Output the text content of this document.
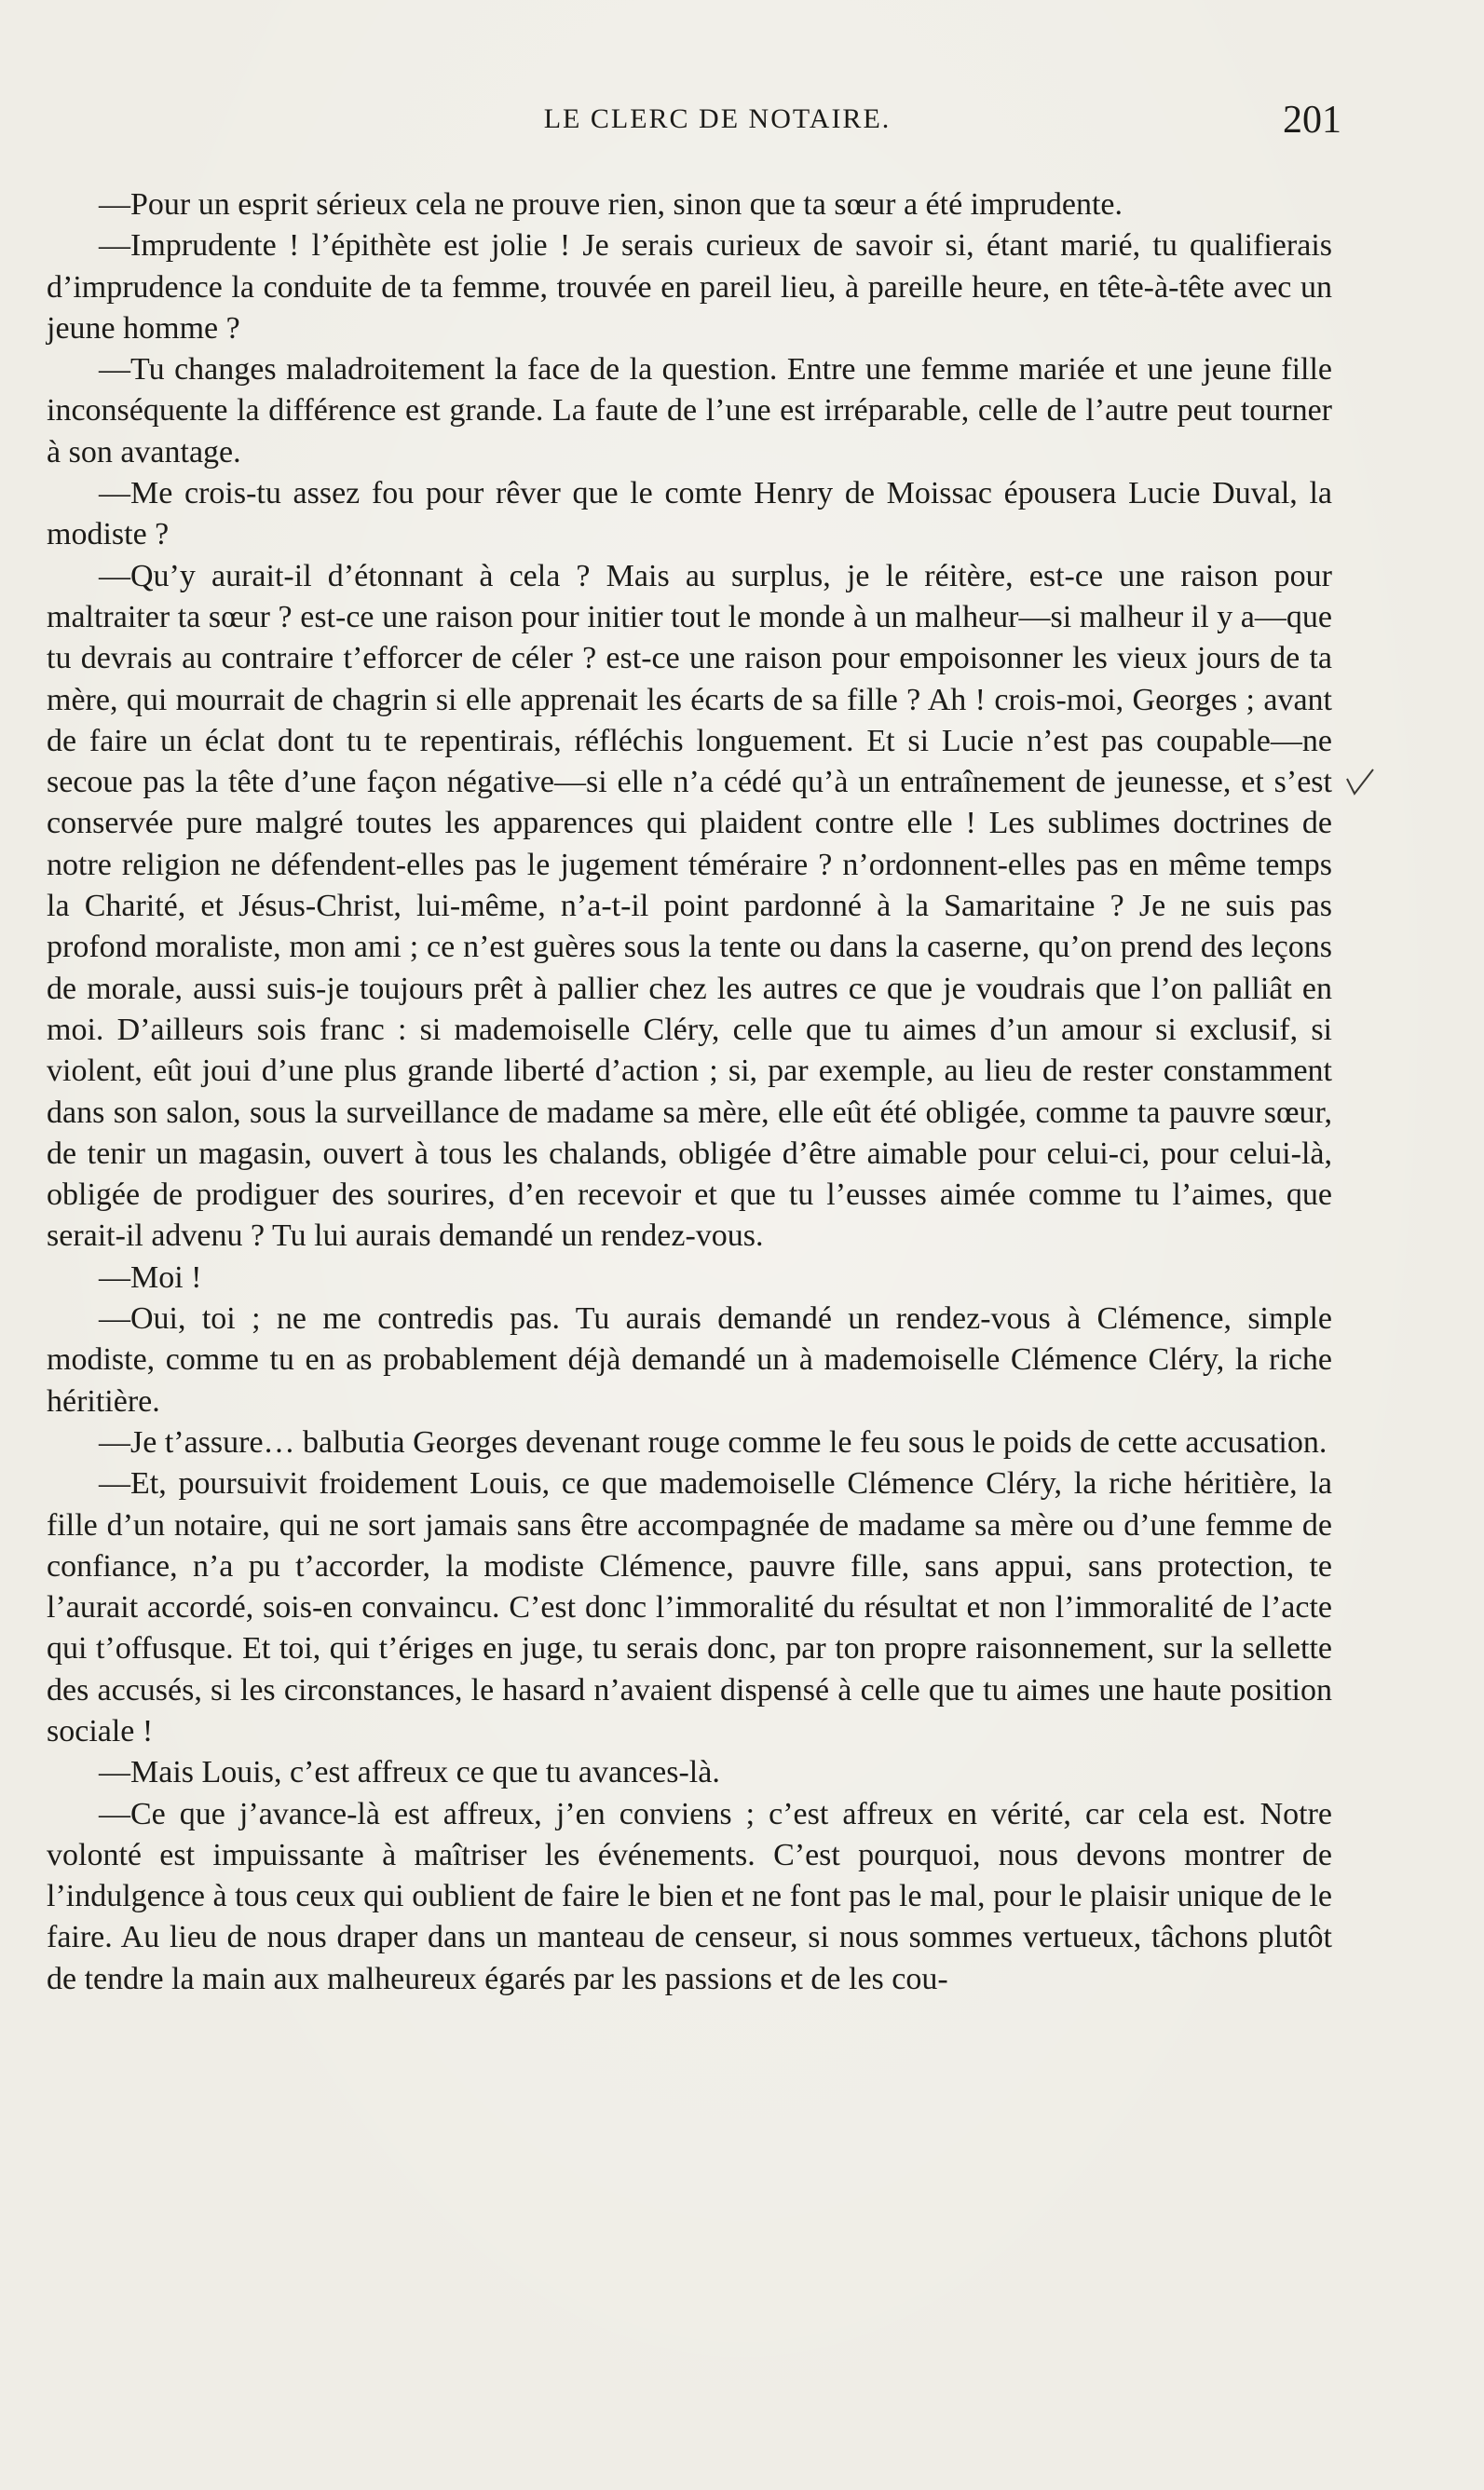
LE CLERC DE NOTAIRE.	201

—Pour un esprit sérieux cela ne prouve rien, sinon que ta sœur a été imprudente.

—Imprudente ! l’épithète est jolie ! Je serais curieux de savoir si, étant marié, tu qualifierais d’imprudence la conduite de ta femme, trouvée en pareil lieu, à pareille heure, en tête-à-tête avec un jeune homme ?

—Tu changes maladroitement la face de la question. Entre une femme mariée et une jeune fille inconséquente la différence est grande. La faute de l’une est irréparable, celle de l’autre peut tourner à son avantage.

—Me crois-tu assez fou pour rêver que le comte Henry de Moissac épousera Lucie Duval, la modiste ?

—Qu’y aurait-il d’étonnant à cela ? Mais au surplus, je le réitère, est-ce une raison pour maltraiter ta sœur ? est-ce une raison pour initier tout le monde à un malheur—si malheur il y a—que tu devrais au contraire t’efforcer de céler ? est-ce une raison pour empoisonner les vieux jours de ta mère, qui mourrait de chagrin si elle apprenait les écarts de sa fille ? Ah ! crois-moi, Georges ; avant de faire un éclat dont tu te repentirais, réfléchis longuement. Et si Lucie n’est pas coupable—ne secoue pas la tête d’une façon négative—si elle n’a cédé qu’à un entraînement de jeunesse, et s’est conservée pure malgré toutes les apparences qui plaident contre elle ! Les sublimes doctrines de notre religion ne défendent-elles pas le jugement téméraire ? n’ordonnent-elles pas en même temps la Charité, et Jésus-Christ, lui-même, n’a-t-il point pardonné à la Samaritaine ? Je ne suis pas profond moraliste, mon ami ; ce n’est guères sous la tente ou dans la caserne, qu’on prend des leçons de morale, aussi suis-je toujours prêt à pallier chez les autres ce que je voudrais que l’on palliât en moi. D’ailleurs sois franc : si mademoiselle Cléry, celle que tu aimes d’un amour si exclusif, si violent, eût joui d’une plus grande liberté d’action ; si, par exemple, au lieu de rester constamment dans son salon, sous la surveillance de madame sa mère, elle eût été obligée, comme ta pauvre sœur, de tenir un magasin, ouvert à tous les chalands, obligée d’être aimable pour celui-ci, pour celui-là, obligée de prodiguer des sourires, d’en recevoir et que tu l’eusses aimée comme tu l’aimes, que serait-il advenu ? Tu lui aurais demandé un rendez-vous.

—Moi !

—Oui, toi ; ne me contredis pas. Tu aurais demandé un rendez-vous à Clémence, simple modiste, comme tu en as probablement déjà demandé un à mademoiselle Clémence Cléry, la riche héritière.

—Je t’assure… balbutia Georges devenant rouge comme le feu sous le poids de cette accusation.

—Et, poursuivit froidement Louis, ce que mademoiselle Clémence Cléry, la riche héritière, la fille d’un notaire, qui ne sort jamais sans être accompagnée de madame sa mère ou d’une femme de confiance, n’a pu t’accorder, la modiste Clémence, pauvre fille, sans appui, sans protection, te l’aurait accordé, sois-en convaincu. C’est donc l’immoralité du résultat et non l’immoralité de l’acte qui t’offusque. Et toi, qui t’ériges en juge, tu serais donc, par ton propre raisonnement, sur la sellette des accusés, si les circonstances, le hasard n’avaient dispensé à celle que tu aimes une haute position sociale !

—Mais Louis, c’est affreux ce que tu avances-là.

—Ce que j’avance-là est affreux, j’en conviens ; c’est affreux en vérité, car cela est. Notre volonté est impuissante à maîtriser les événements. C’est pourquoi, nous devons montrer de l’indulgence à tous ceux qui oublient de faire le bien et ne font pas le mal, pour le plaisir unique de le faire. Au lieu de nous draper dans un manteau de censeur, si nous sommes vertueux, tâchons plutôt de tendre la main aux malheureux égarés par les passions et de les cou-
